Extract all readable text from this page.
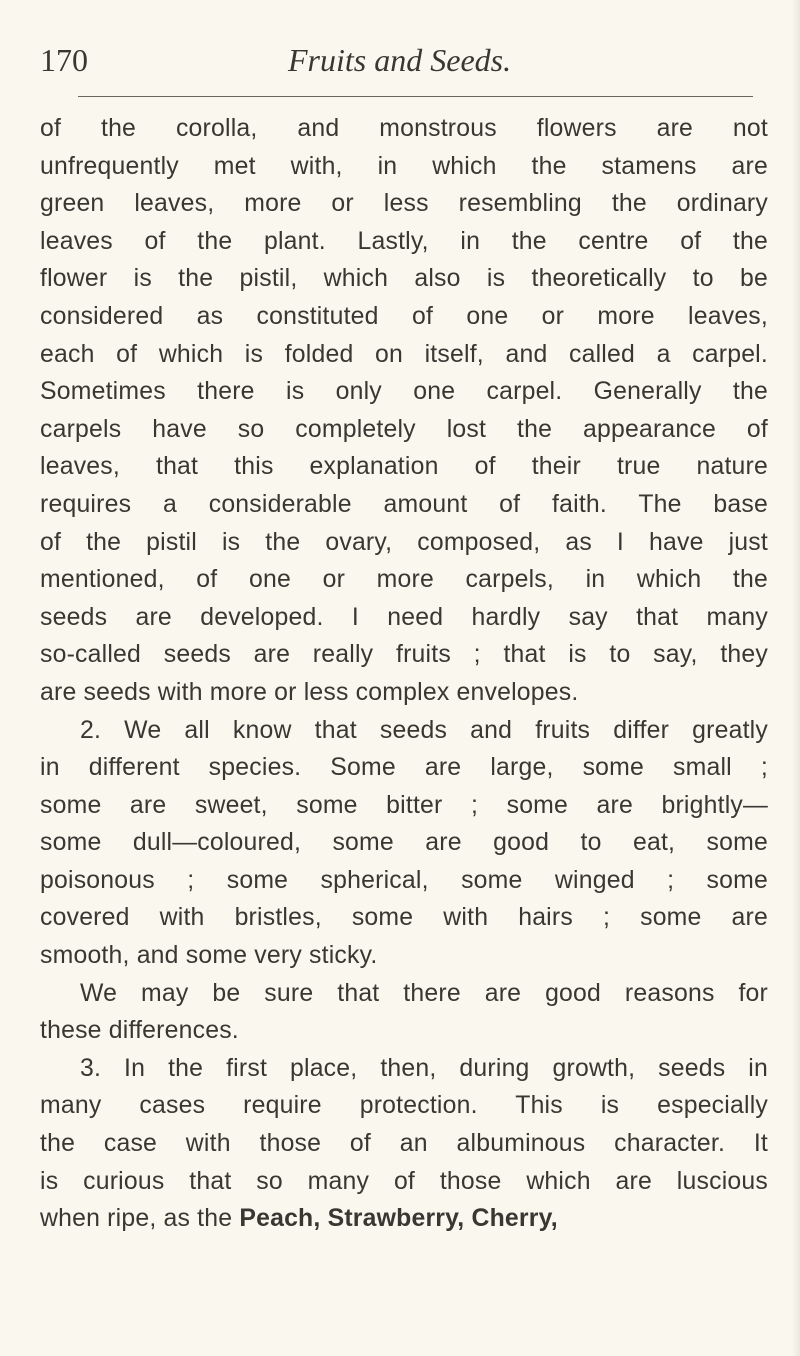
170	Fruits and Seeds.
of the corolla, and monstrous flowers are not
unfrequently met with, in which the stamens are
green leaves, more or less resembling the ordinary
leaves of the plant. Lastly, in the centre of the
flower is the pistil, which also is theoretically to be
considered as constituted of one or more leaves,
each of which is folded on itself, and called a carpel.
Sometimes there is only one carpel. Generally the
carpels have so completely lost the appearance of
leaves, that this explanation of their true nature
requires a considerable amount of faith. The base
of the pistil is the ovary, composed, as I have just
mentioned, of one or more carpels, in which the
seeds are developed. I need hardly say that many
so-called seeds are really fruits ; that is to say, they
are seeds with more or less complex envelopes.
2. We all know that seeds and fruits differ greatly
in different species. Some are large, some small ;
some are sweet, some bitter ; some are brightly—
some dull—coloured, some are good to eat, some
poisonous ; some spherical, some winged ; some
covered with bristles, some with hairs ; some are
smooth, and some very sticky.
We may be sure that there are good reasons for
these differences.
3. In the first place, then, during growth, seeds in
many cases require protection. This is especially
the case with those of an albuminous character. It
is curious that so many of those which are luscious
when ripe, as the Peach, Strawberry, Cherry,
